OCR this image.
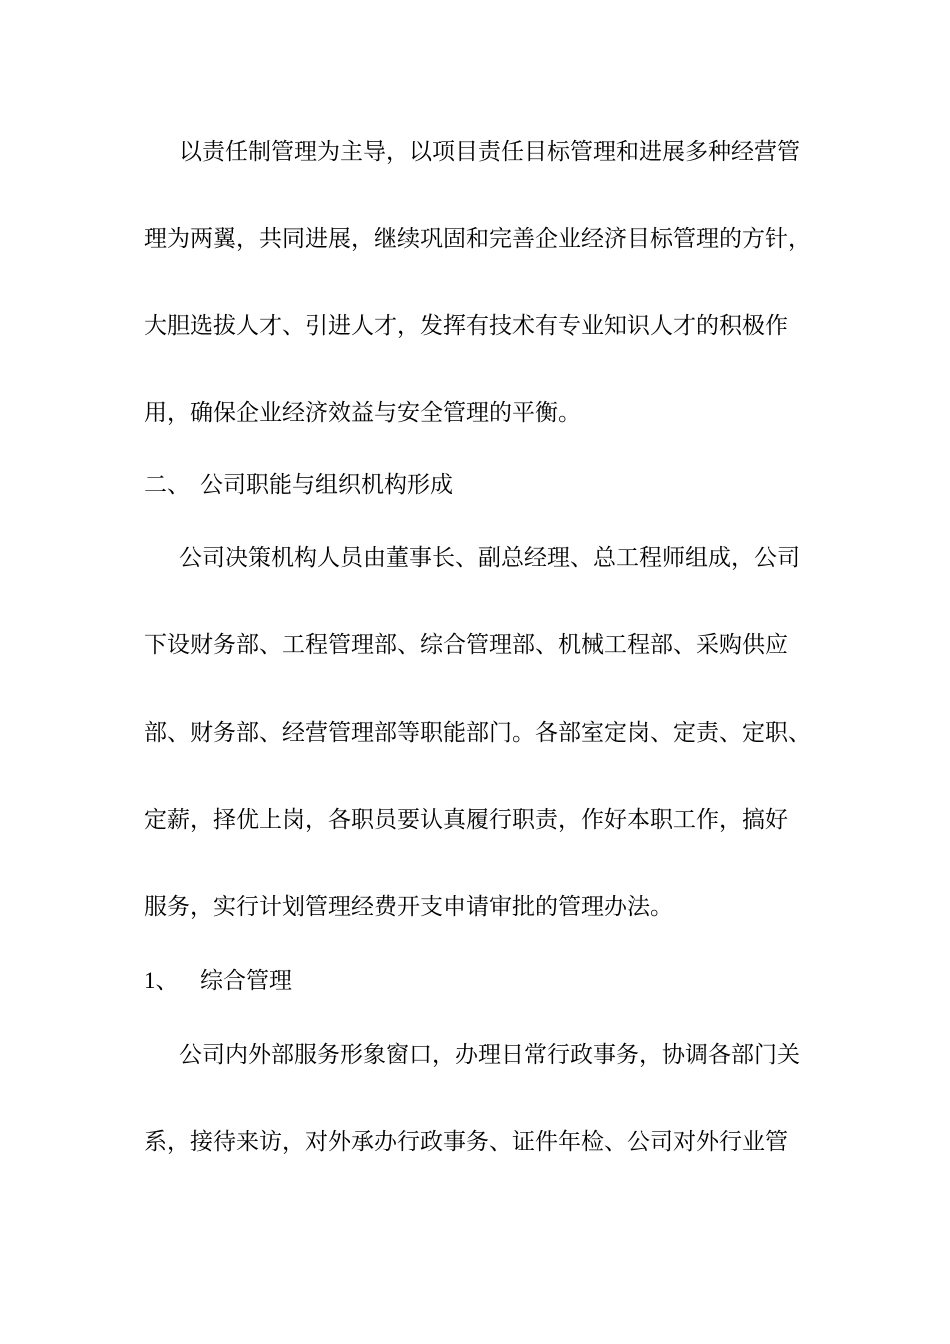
以责任制管理为主导，以项目责任目标管理和进展多种经营管
理为两翼，共同进展，继续巩固和完善企业经济目标管理的方针，
大胆选拔人才、引进人才，发挥有技术有专业知识人才的积极作
用，确保企业经济效益与安全管理的平衡。
二、 公司职能与组织机构形成
公司决策机构人员由董事长、副总经理、总工程师组成，公司
下设财务部、工程管理部、综合管理部、机械工程部、采购供应
部、财务部、经营管理部等职能部门。各部室定岗、定责、定职、
定薪，择优上岗，各职员要认真履行职责，作好本职工作，搞好
服务，实行计划管理经费开支申请审批的管理办法。
1、 综合管理
公司内外部服务形象窗口，办理日常行政事务，协调各部门关
系，接待来访，对外承办行政事务、证件年检、公司对外行业管
